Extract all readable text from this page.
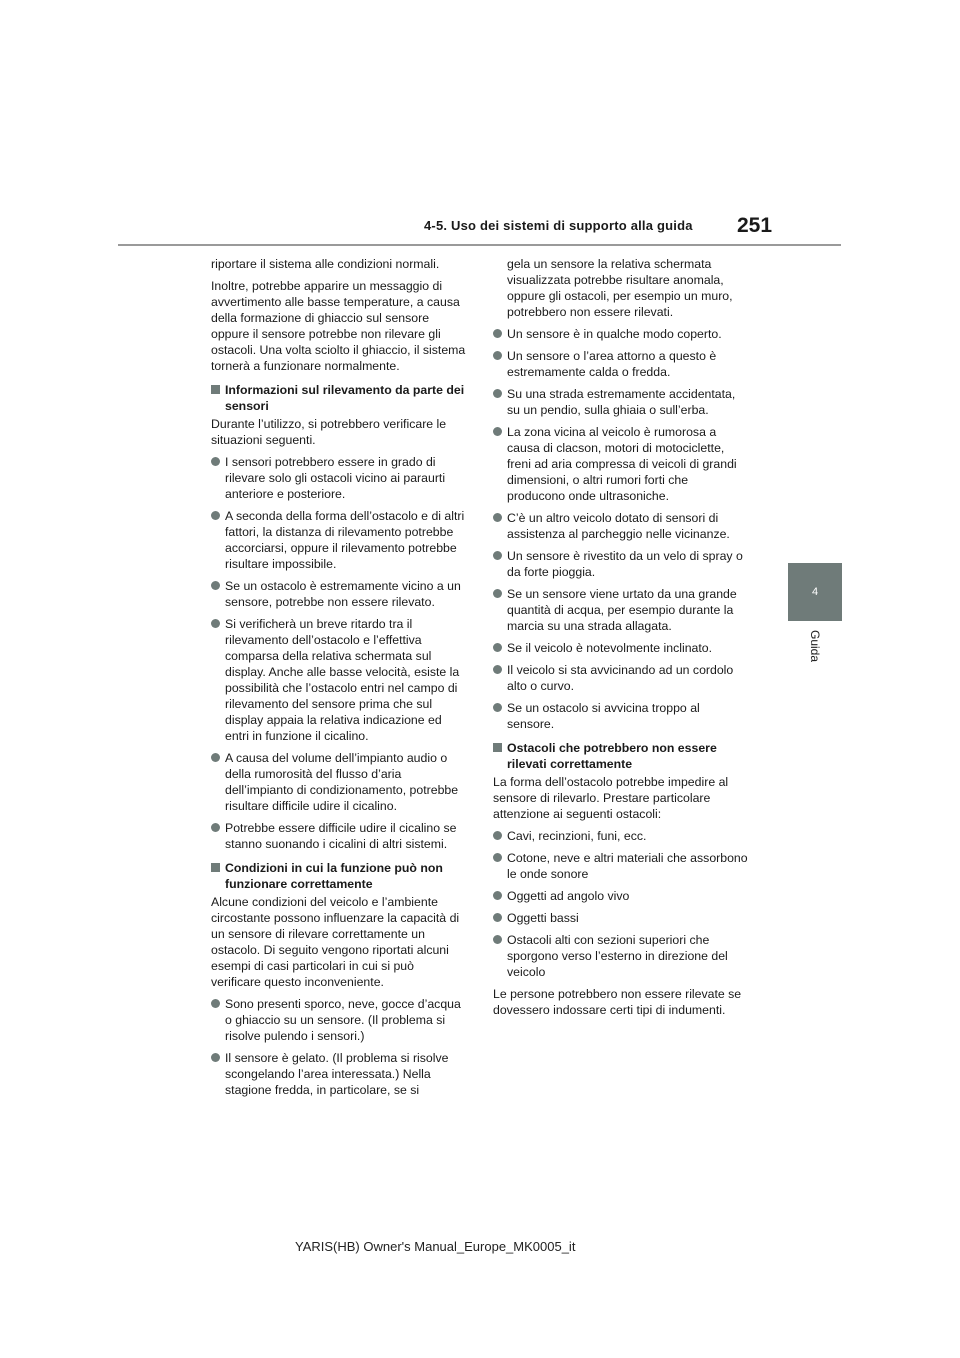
4-5. Uso dei sistemi di supporto alla guida 251
4
Guida
riportare il sistema alle condizioni normali.
Inoltre, potrebbe apparire un messaggio di avvertimento alle basse temperature, a causa della formazione di ghiaccio sul sensore oppure il sensore potrebbe non rilevare gli ostacoli. Una volta sciolto il ghiaccio, il sistema tornerà a funzionare normalmente.
Informazioni sul rilevamento da parte dei sensori
Durante l’utilizzo, si potrebbero verificare le situazioni seguenti.
I sensori potrebbero essere in grado di rilevare solo gli ostacoli vicino ai paraurti anteriore e posteriore.
A seconda della forma dell’ostacolo e di altri fattori, la distanza di rilevamento potrebbe accorciarsi, oppure il rilevamento potrebbe risultare impossibile.
Se un ostacolo è estremamente vicino a un sensore, potrebbe non essere rilevato.
Si verificherà un breve ritardo tra il rilevamento dell’ostacolo e l’effettiva comparsa della relativa schermata sul display. Anche alle basse velocità, esiste la possibilità che l’ostacolo entri nel campo di rilevamento del sensore prima che sul display appaia la relativa indicazione ed entri in funzione il cicalino.
A causa del volume dell’impianto audio o della rumorosità del flusso d’aria dell’impianto di condizionamento, potrebbe risultare difficile udire il cicalino.
Potrebbe essere difficile udire il cicalino se stanno suonando i cicalini di altri sistemi.
Condizioni in cui la funzione può non funzionare correttamente
Alcune condizioni del veicolo e l’ambiente circostante possono influenzare la capacità di un sensore di rilevare correttamente un ostacolo. Di seguito vengono riportati alcuni esempi di casi particolari in cui si può verificare questo inconveniente.
Sono presenti sporco, neve, gocce d’acqua o ghiaccio su un sensore. (Il problema si risolve pulendo i sensori.)
Il sensore è gelato. (Il problema si risolve scongelando l’area interessata.) Nella stagione fredda, in particolare, se si
gela un sensore la relativa schermata visualizzata potrebbe risultare anomala, oppure gli ostacoli, per esempio un muro, potrebbero non essere rilevati.
Un sensore è in qualche modo coperto.
Un sensore o l’area attorno a questo è estremamente calda o fredda.
Su una strada estremamente accidentata, su un pendio, sulla ghiaia o sull’erba.
La zona vicina al veicolo è rumorosa a causa di clacson, motori di motociclette, freni ad aria compressa di veicoli di grandi dimensioni, o altri rumori forti che producono onde ultrasoniche.
C’è un altro veicolo dotato di sensori di assistenza al parcheggio nelle vicinanze.
Un sensore è rivestito da un velo di spray o da forte pioggia.
Se un sensore viene urtato da una grande quantità di acqua, per esempio durante la marcia su una strada allagata.
Se il veicolo è notevolmente inclinato.
Il veicolo si sta avvicinando ad un cordolo alto o curvo.
Se un ostacolo si avvicina troppo al sensore.
Ostacoli che potrebbero non essere rilevati correttamente
La forma dell’ostacolo potrebbe impedire al sensore di rilevarlo. Prestare particolare attenzione ai seguenti ostacoli:
Cavi, recinzioni, funi, ecc.
Cotone, neve e altri materiali che assorbono le onde sonore
Oggetti ad angolo vivo
Oggetti bassi
Ostacoli alti con sezioni superiori che sporgono verso l’esterno in direzione del veicolo
Le persone potrebbero non essere rilevate se dovessero indossare certi tipi di indumenti.
YARIS(HB) Owner's Manual_Europe_MK0005_it
